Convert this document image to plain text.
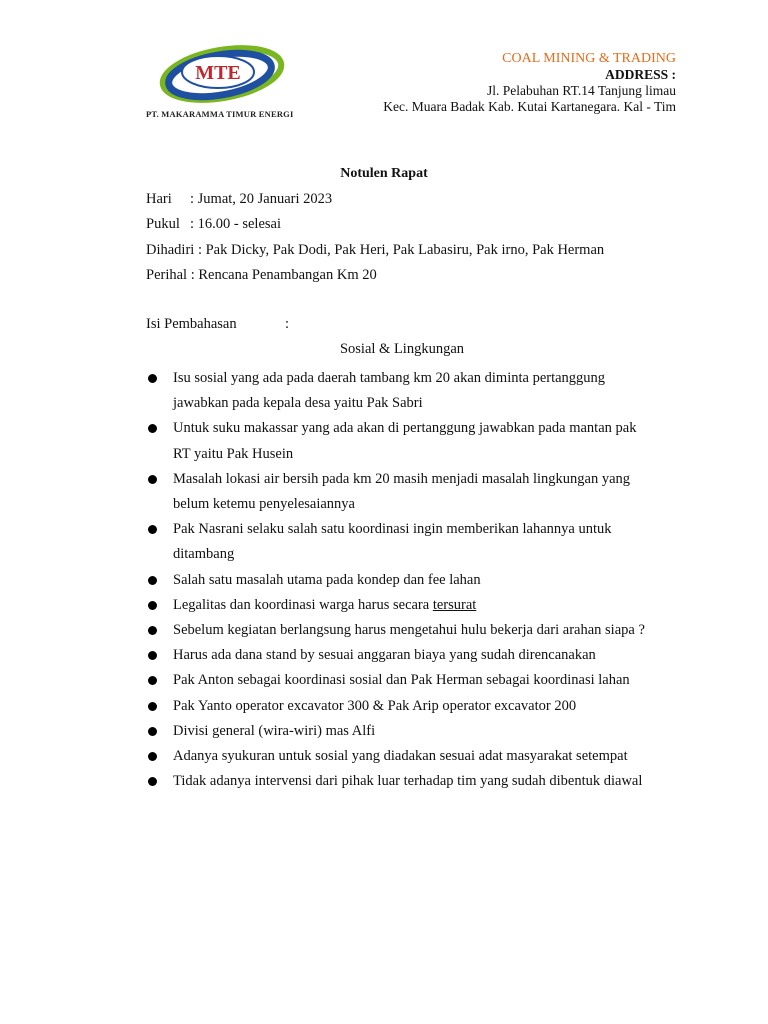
MTE
PT. MAKARAMMA TIMUR ENERGI
COAL MINING & TRADING
ADDRESS :
Jl. Pelabuhan RT.14 Tanjung limau
Kec. Muara Badak Kab. Kutai Kartanegara. Kal - Tim
Notulen Rapat
Hari : Jumat, 20 Januari 2023
Pukul : 16.00 - selesai
Dihadiri : Pak Dicky, Pak Dodi, Pak Heri, Pak Labasiru, Pak irno, Pak Herman
Perihal : Rencana Penambangan Km 20
Isi Pembahasan	:
Sosial & Lingkungan
Isu sosial yang ada pada daerah tambang km 20 akan diminta pertanggung jawabkan pada kepala desa yaitu Pak Sabri
Untuk suku makassar yang ada akan di pertanggung jawabkan pada mantan pak RT yaitu Pak Husein
Masalah lokasi air bersih pada km 20 masih menjadi masalah lingkungan yang belum ketemu penyelesaiannya
Pak Nasrani selaku salah satu koordinasi ingin memberikan lahannya untuk ditambang
Salah satu masalah utama pada kondep dan fee lahan
Legalitas dan koordinasi warga harus secara tersurat
Sebelum kegiatan berlangsung harus mengetahui hulu bekerja dari arahan siapa ?
Harus ada dana stand by sesuai anggaran biaya yang sudah direncanakan
Pak Anton sebagai koordinasi sosial dan Pak Herman sebagai koordinasi lahan
Pak Yanto operator excavator 300 & Pak Arip operator excavator 200
Divisi general (wira-wiri) mas Alfi
Adanya syukuran untuk sosial yang diadakan sesuai adat masyarakat setempat
Tidak adanya intervensi dari pihak luar terhadap tim yang sudah dibentuk diawal
